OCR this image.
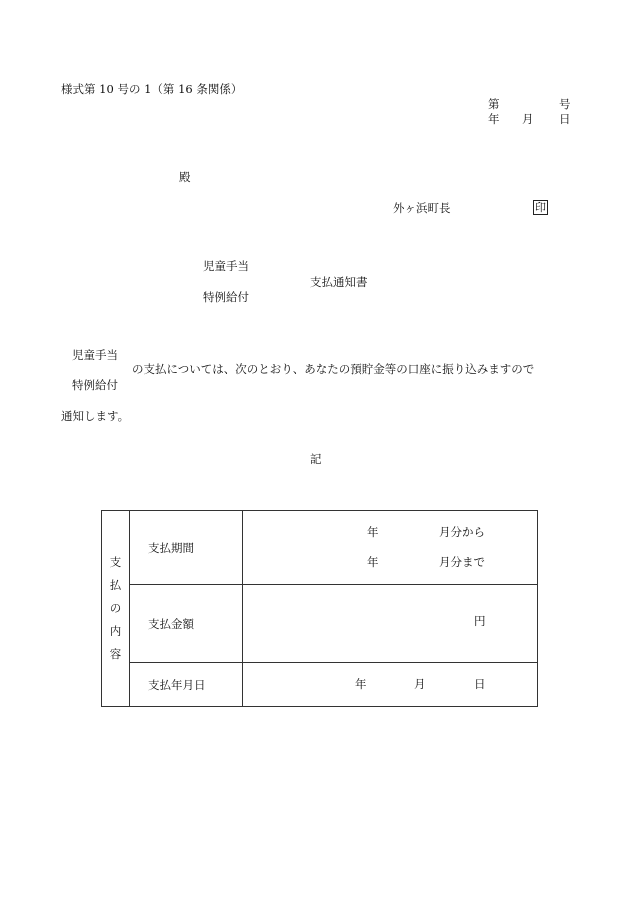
様式第 10 号の 1（第 16 条関係）
第	号
年 月 日
殿
外ヶ浜町長	印
児童手当
支払通知書
特例給付
児童手当
の支払については、次のとおり、あなたの預貯金等の口座に振り込みますので
特例給付
通知します。
記
支
払
の
内
容	支払期間	年 月分から
年 月分まで

	支払金額	円

	支払年月日	年 月 日
